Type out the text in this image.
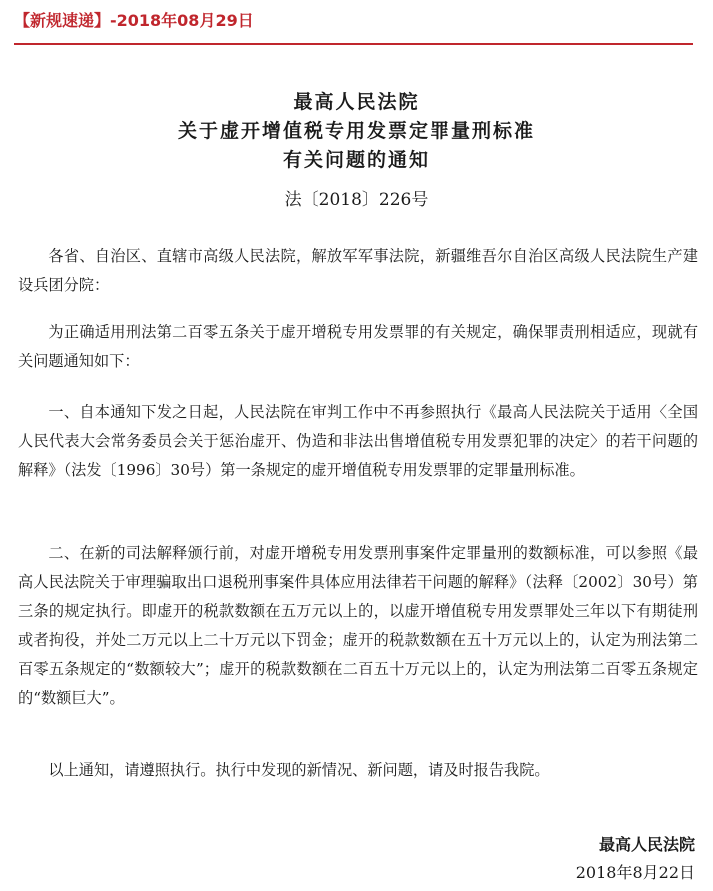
【新规速递】-2018年08月29日
最高人民法院
关于虚开增值税专用发票定罪量刑标准
有关问题的通知
法〔2018〕226号

各省、自治区、直辖市高级人民法院，解放军军事法院，新疆维吾尔自治区高级人民法院生产建设兵团分院：

为正确适用刑法第二百零五条关于虚开增税专用发票罪的有关规定，确保罪责刑相适应，现就有关问题通知如下：

一、自本通知下发之日起，人民法院在审判工作中不再参照执行《最高人民法院关于适用〈全国人民代表大会常务委员会关于惩治虚开、伪造和非法出售增值税专用发票犯罪的决定〉的若干问题的解释》（法发〔1996〕30号）第一条规定的虚开增值税专用发票罪的定罪量刑标准。

二、在新的司法解释颁行前，对虚开增税专用发票刑事案件定罪量刑的数额标准，可以参照《最高人民法院关于审理骗取出口退税刑事案件具体应用法律若干问题的解释》（法释〔2002〕30号）第三条的规定执行。即虚开的税款数额在五万元以上的，以虚开增值税专用发票罪处三年以下有期徒刑或者拘役，并处二万元以上二十万元以下罚金；虚开的税款数额在五十万元以上的，认定为刑法第二百零五条规定的“数额较大”；虚开的税款数额在二百五十万元以上的，认定为刑法第二百零五条规定的“数额巨大”。

以上通知，请遵照执行。执行中发现的新情况、新问题，请及时报告我院。

最高人民法院
2018年8月22日
